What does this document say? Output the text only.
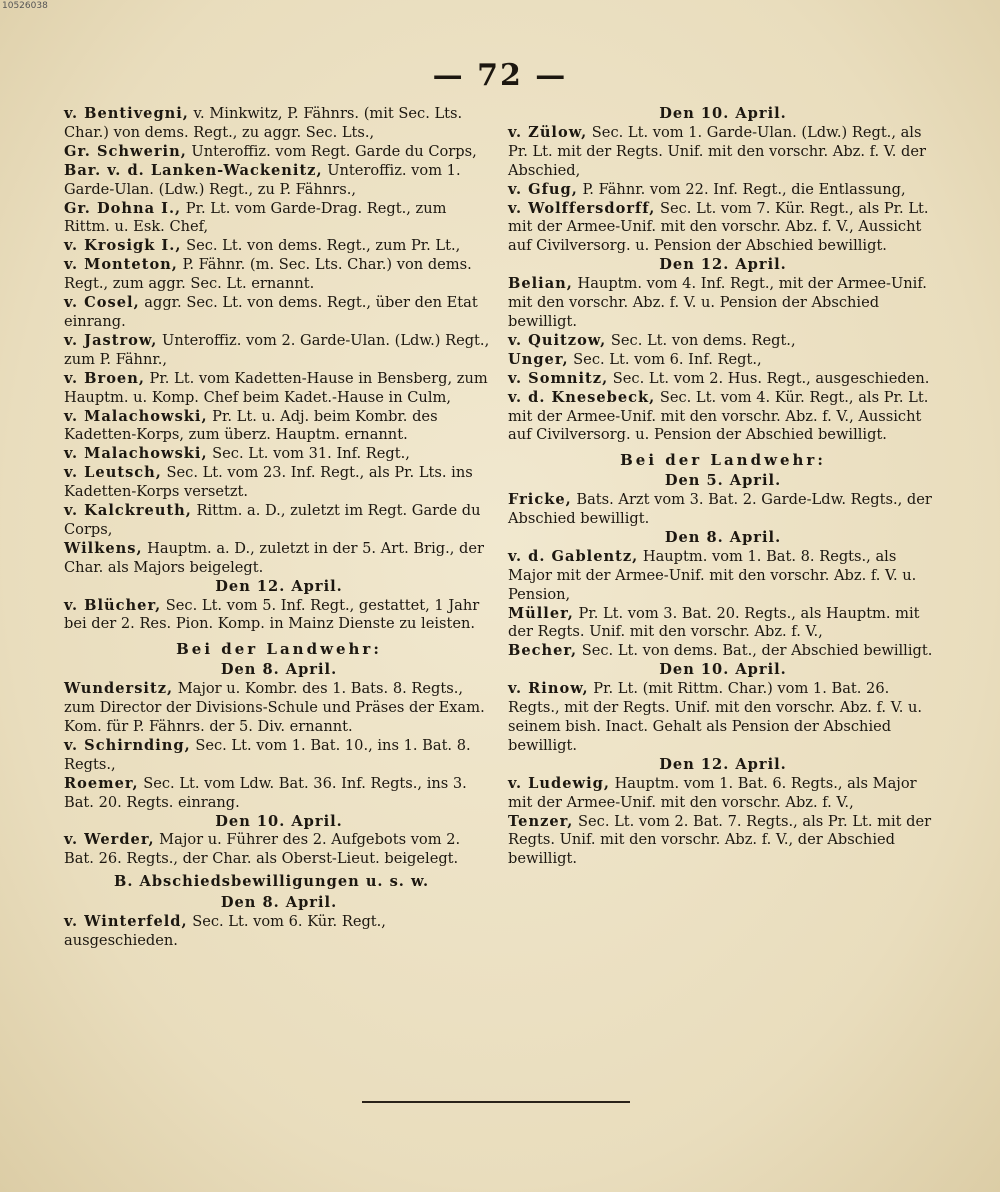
10526038
— 72 —

v. Bentivegni, v. Minkwitz, P. Fähnrs. (mit Sec. Lts. Char.) von dems. Regt., zu aggr. Sec. Lts.,

Gr. Schwerin, Unteroffiz. vom Regt. Garde du Corps,

Bar. v. d. Lanken-Wackenitz, Unteroffiz. vom 1. Garde-Ulan. (Ldw.) Regt., zu P. Fähnrs.,

Gr. Dohna I., Pr. Lt. vom Garde-Drag. Regt., zum Rittm. u. Esk. Chef,

v. Krosigk I., Sec. Lt. von dems. Regt., zum Pr. Lt.,

v. Monteton, P. Fähnr. (m. Sec. Lts. Char.) von dems. Regt., zum aggr. Sec. Lt. ernannt.

v. Cosel, aggr. Sec. Lt. von dems. Regt., über den Etat einrang.

v. Jastrow, Unteroffiz. vom 2. Garde-Ulan. (Ldw.) Regt., zum P. Fähnr.,

v. Broen, Pr. Lt. vom Kadetten-Hause in Bensberg, zum Hauptm. u. Komp. Chef beim Kadet.-Hause in Culm,

v. Malachowski, Pr. Lt. u. Adj. beim Kombr. des Kadetten-Korps, zum überz. Hauptm. ernannt.

v. Malachowski, Sec. Lt. vom 31. Inf. Regt.,

v. Leutsch, Sec. Lt. vom 23. Inf. Regt., als Pr. Lts. ins Kadetten-Korps versetzt.

v. Kalckreuth, Rittm. a. D., zuletzt im Regt. Garde du Corps,

Wilkens, Hauptm. a. D., zuletzt in der 5. Art. Brig., der Char. als Majors beigelegt.

Den 12. April.

v. Blücher, Sec. Lt. vom 5. Inf. Regt., gestattet, 1 Jahr bei der 2. Res. Pion. Komp. in Mainz Dienste zu leisten.

Bei der Landwehr:

Den 8. April.

Wundersitz, Major u. Kombr. des 1. Bats. 8. Regts., zum Director der Divisions-Schule und Präses der Exam. Kom. für P. Fähnrs. der 5. Div. ernannt.

v. Schirnding, Sec. Lt. vom 1. Bat. 10., ins 1. Bat. 8. Regts.,

Roemer, Sec. Lt. vom Ldw. Bat. 36. Inf. Regts., ins 3. Bat. 20. Regts. einrang.

Den 10. April.

v. Werder, Major u. Führer des 2. Aufgebots vom 2. Bat. 26. Regts., der Char. als Oberst-Lieut. beigelegt.

B. Abschiedsbewilligungen u. s. w.

Den 8. April.

v. Winterfeld, Sec. Lt. vom 6. Kür. Regt., ausgeschieden.

Den 10. April.

v. Zülow, Sec. Lt. vom 1. Garde-Ulan. (Ldw.) Regt., als Pr. Lt. mit der Regts. Unif. mit den vorschr. Abz. f. V. der Abschied,

v. Gfug, P. Fähnr. vom 22. Inf. Regt., die Entlassung,

v. Wolffersdorff, Sec. Lt. vom 7. Kür. Regt., als Pr. Lt. mit der Armee-Unif. mit den vorschr. Abz. f. V., Aussicht auf Civilversorg. u. Pension der Abschied bewilligt.

Den 12. April.

Belian, Hauptm. vom 4. Inf. Regt., mit der Armee-Unif. mit den vorschr. Abz. f. V. u. Pension der Abschied bewilligt.

v. Quitzow, Sec. Lt. von dems. Regt.,

Unger, Sec. Lt. vom 6. Inf. Regt.,

v. Somnitz, Sec. Lt. vom 2. Hus. Regt., ausgeschieden.

v. d. Knesebeck, Sec. Lt. vom 4. Kür. Regt., als Pr. Lt. mit der Armee-Unif. mit den vorschr. Abz. f. V., Aussicht auf Civilversorg. u. Pension der Abschied bewilligt.

Bei der Landwehr:

Den 5. April.

Fricke, Bats. Arzt vom 3. Bat. 2. Garde-Ldw. Regts., der Abschied bewilligt.

Den 8. April.

v. d. Gablentz, Hauptm. vom 1. Bat. 8. Regts., als Major mit der Armee-Unif. mit den vorschr. Abz. f. V. u. Pension,

Müller, Pr. Lt. vom 3. Bat. 20. Regts., als Hauptm. mit der Regts. Unif. mit den vorschr. Abz. f. V.,

Becher, Sec. Lt. von dems. Bat., der Abschied bewilligt.

Den 10. April.

v. Rinow, Pr. Lt. (mit Rittm. Char.) vom 1. Bat. 26. Regts., mit der Regts. Unif. mit den vorschr. Abz. f. V. u. seinem bish. Inact. Gehalt als Pension der Abschied bewilligt.

Den 12. April.

v. Ludewig, Hauptm. vom 1. Bat. 6. Regts., als Major mit der Armee-Unif. mit den vorschr. Abz. f. V.,

Tenzer, Sec. Lt. vom 2. Bat. 7. Regts., als Pr. Lt. mit der Regts. Unif. mit den vorschr. Abz. f. V., der Abschied bewilligt.
